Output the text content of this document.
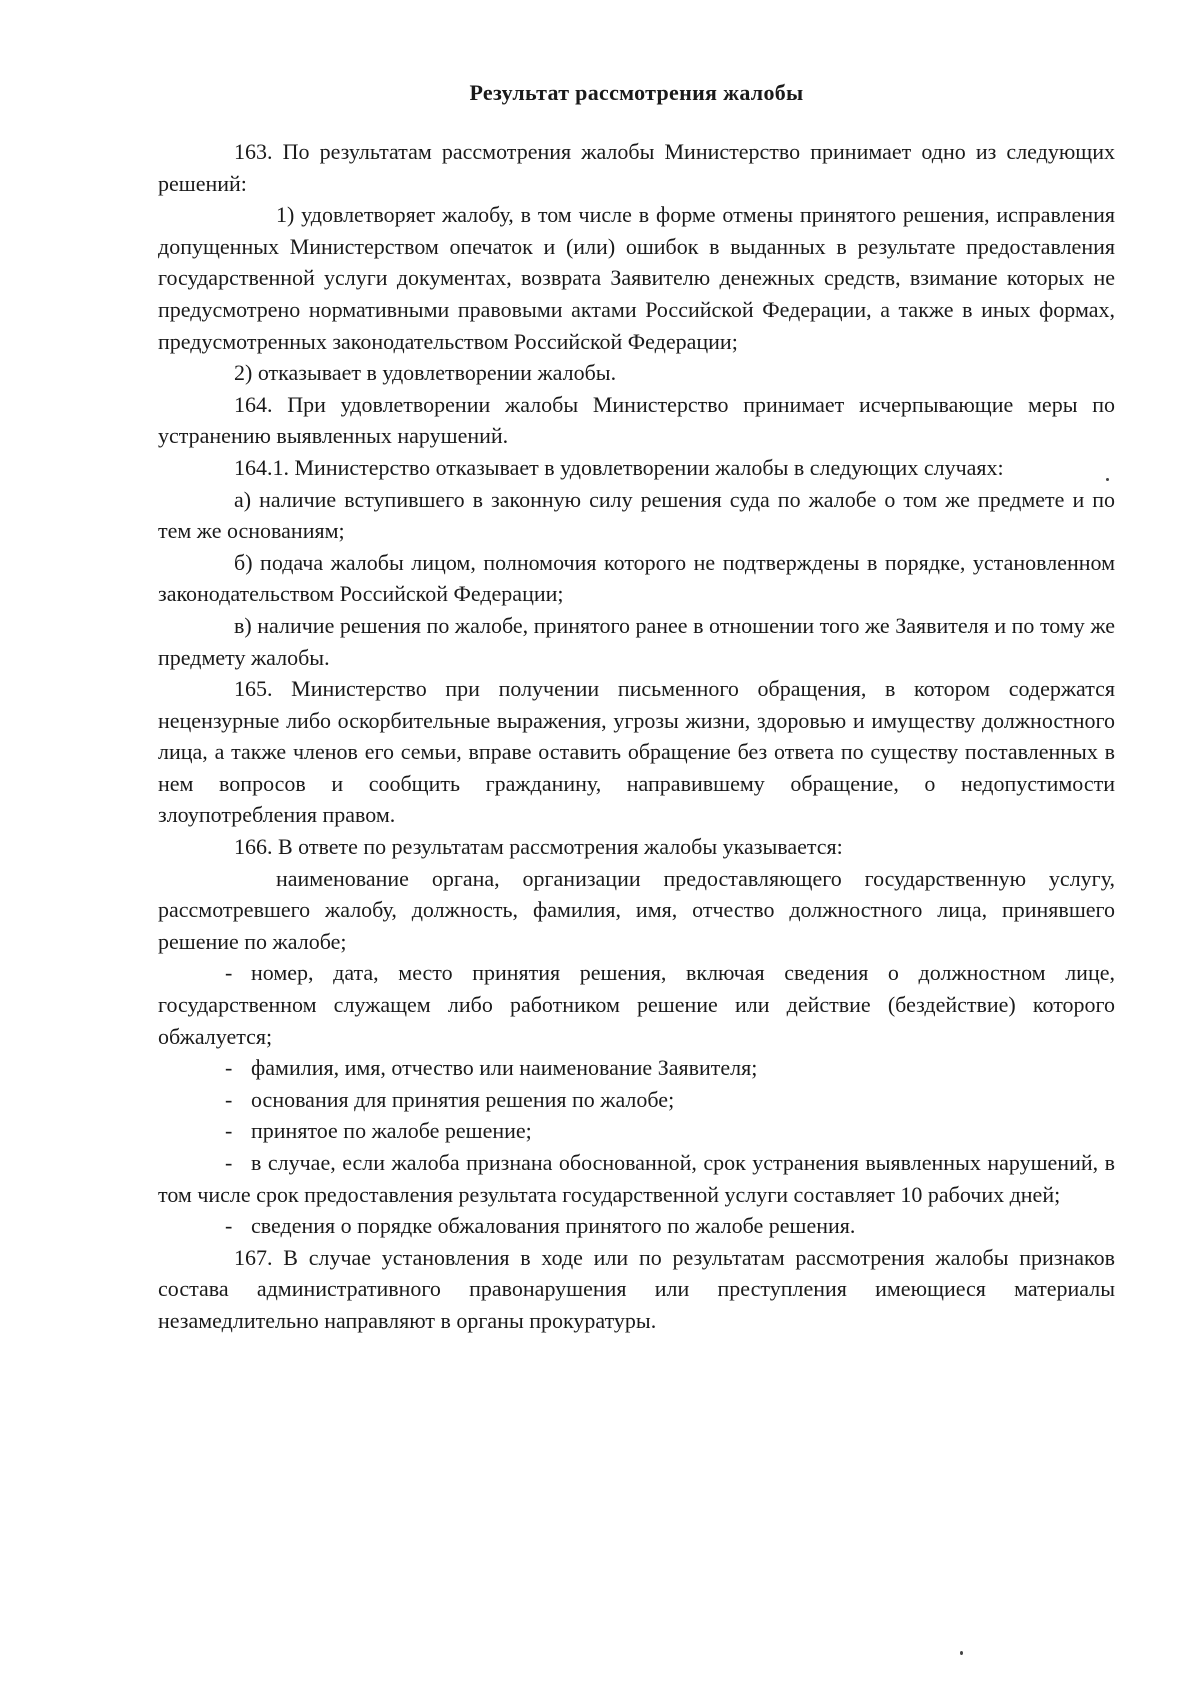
Результат рассмотрения жалобы

163. По результатам рассмотрения жалобы Министерство принимает одно из следующих решений:

1) удовлетворяет жалобу, в том числе в форме отмены принятого решения, исправления допущенных Министерством опечаток и (или) ошибок в выданных в результате предоставления государственной услуги документах, возврата Заявителю денежных средств, взимание которых не предусмотрено нормативными правовыми актами Российской Федерации, а также в иных формах, предусмотренных законодательством Российской Федерации;

2) отказывает в удовлетворении жалобы.

164. При удовлетворении жалобы Министерство принимает исчерпывающие меры по устранению выявленных нарушений.

164.1. Министерство отказывает в удовлетворении жалобы в следующих случаях:

а) наличие вступившего в законную силу решения суда по жалобе о том же предмете и по тем же основаниям;

б) подача жалобы лицом, полномочия которого не подтверждены в порядке, установленном законодательством Российской Федерации;

в) наличие решения по жалобе, принятого ранее в отношении того же Заявителя и по тому же предмету жалобы.

165. Министерство при получении письменного обращения, в котором содержатся нецензурные либо оскорбительные выражения, угрозы жизни, здоровью и имуществу должностного лица, а также членов его семьи, вправе оставить обращение без ответа по существу поставленных в нем вопросов и сообщить гражданину, направившему обращение, о недопустимости злоупотребления правом.

166. В ответе по результатам рассмотрения жалобы указывается:

наименование органа, организации предоставляющего государственную услугу, рассмотревшего жалобу, должность, фамилия, имя, отчество должностного лица, принявшего решение по жалобе;

- номер, дата, место принятия решения, включая сведения о должностном лице, государственном служащем либо работником решение или действие (бездействие) которого обжалуется;

- фамилия, имя, отчество или наименование Заявителя;

- основания для принятия решения по жалобе;

- принятое по жалобе решение;

- в случае, если жалоба признана обоснованной, срок устранения выявленных нарушений, в том числе срок предоставления результата государственной услуги составляет 10 рабочих дней;

- сведения о порядке обжалования принятого по жалобе решения.

167. В случае установления в ходе или по результатам рассмотрения жалобы признаков состава административного правонарушения или преступления имеющиеся материалы незамедлительно направляют в органы прокуратуры.
